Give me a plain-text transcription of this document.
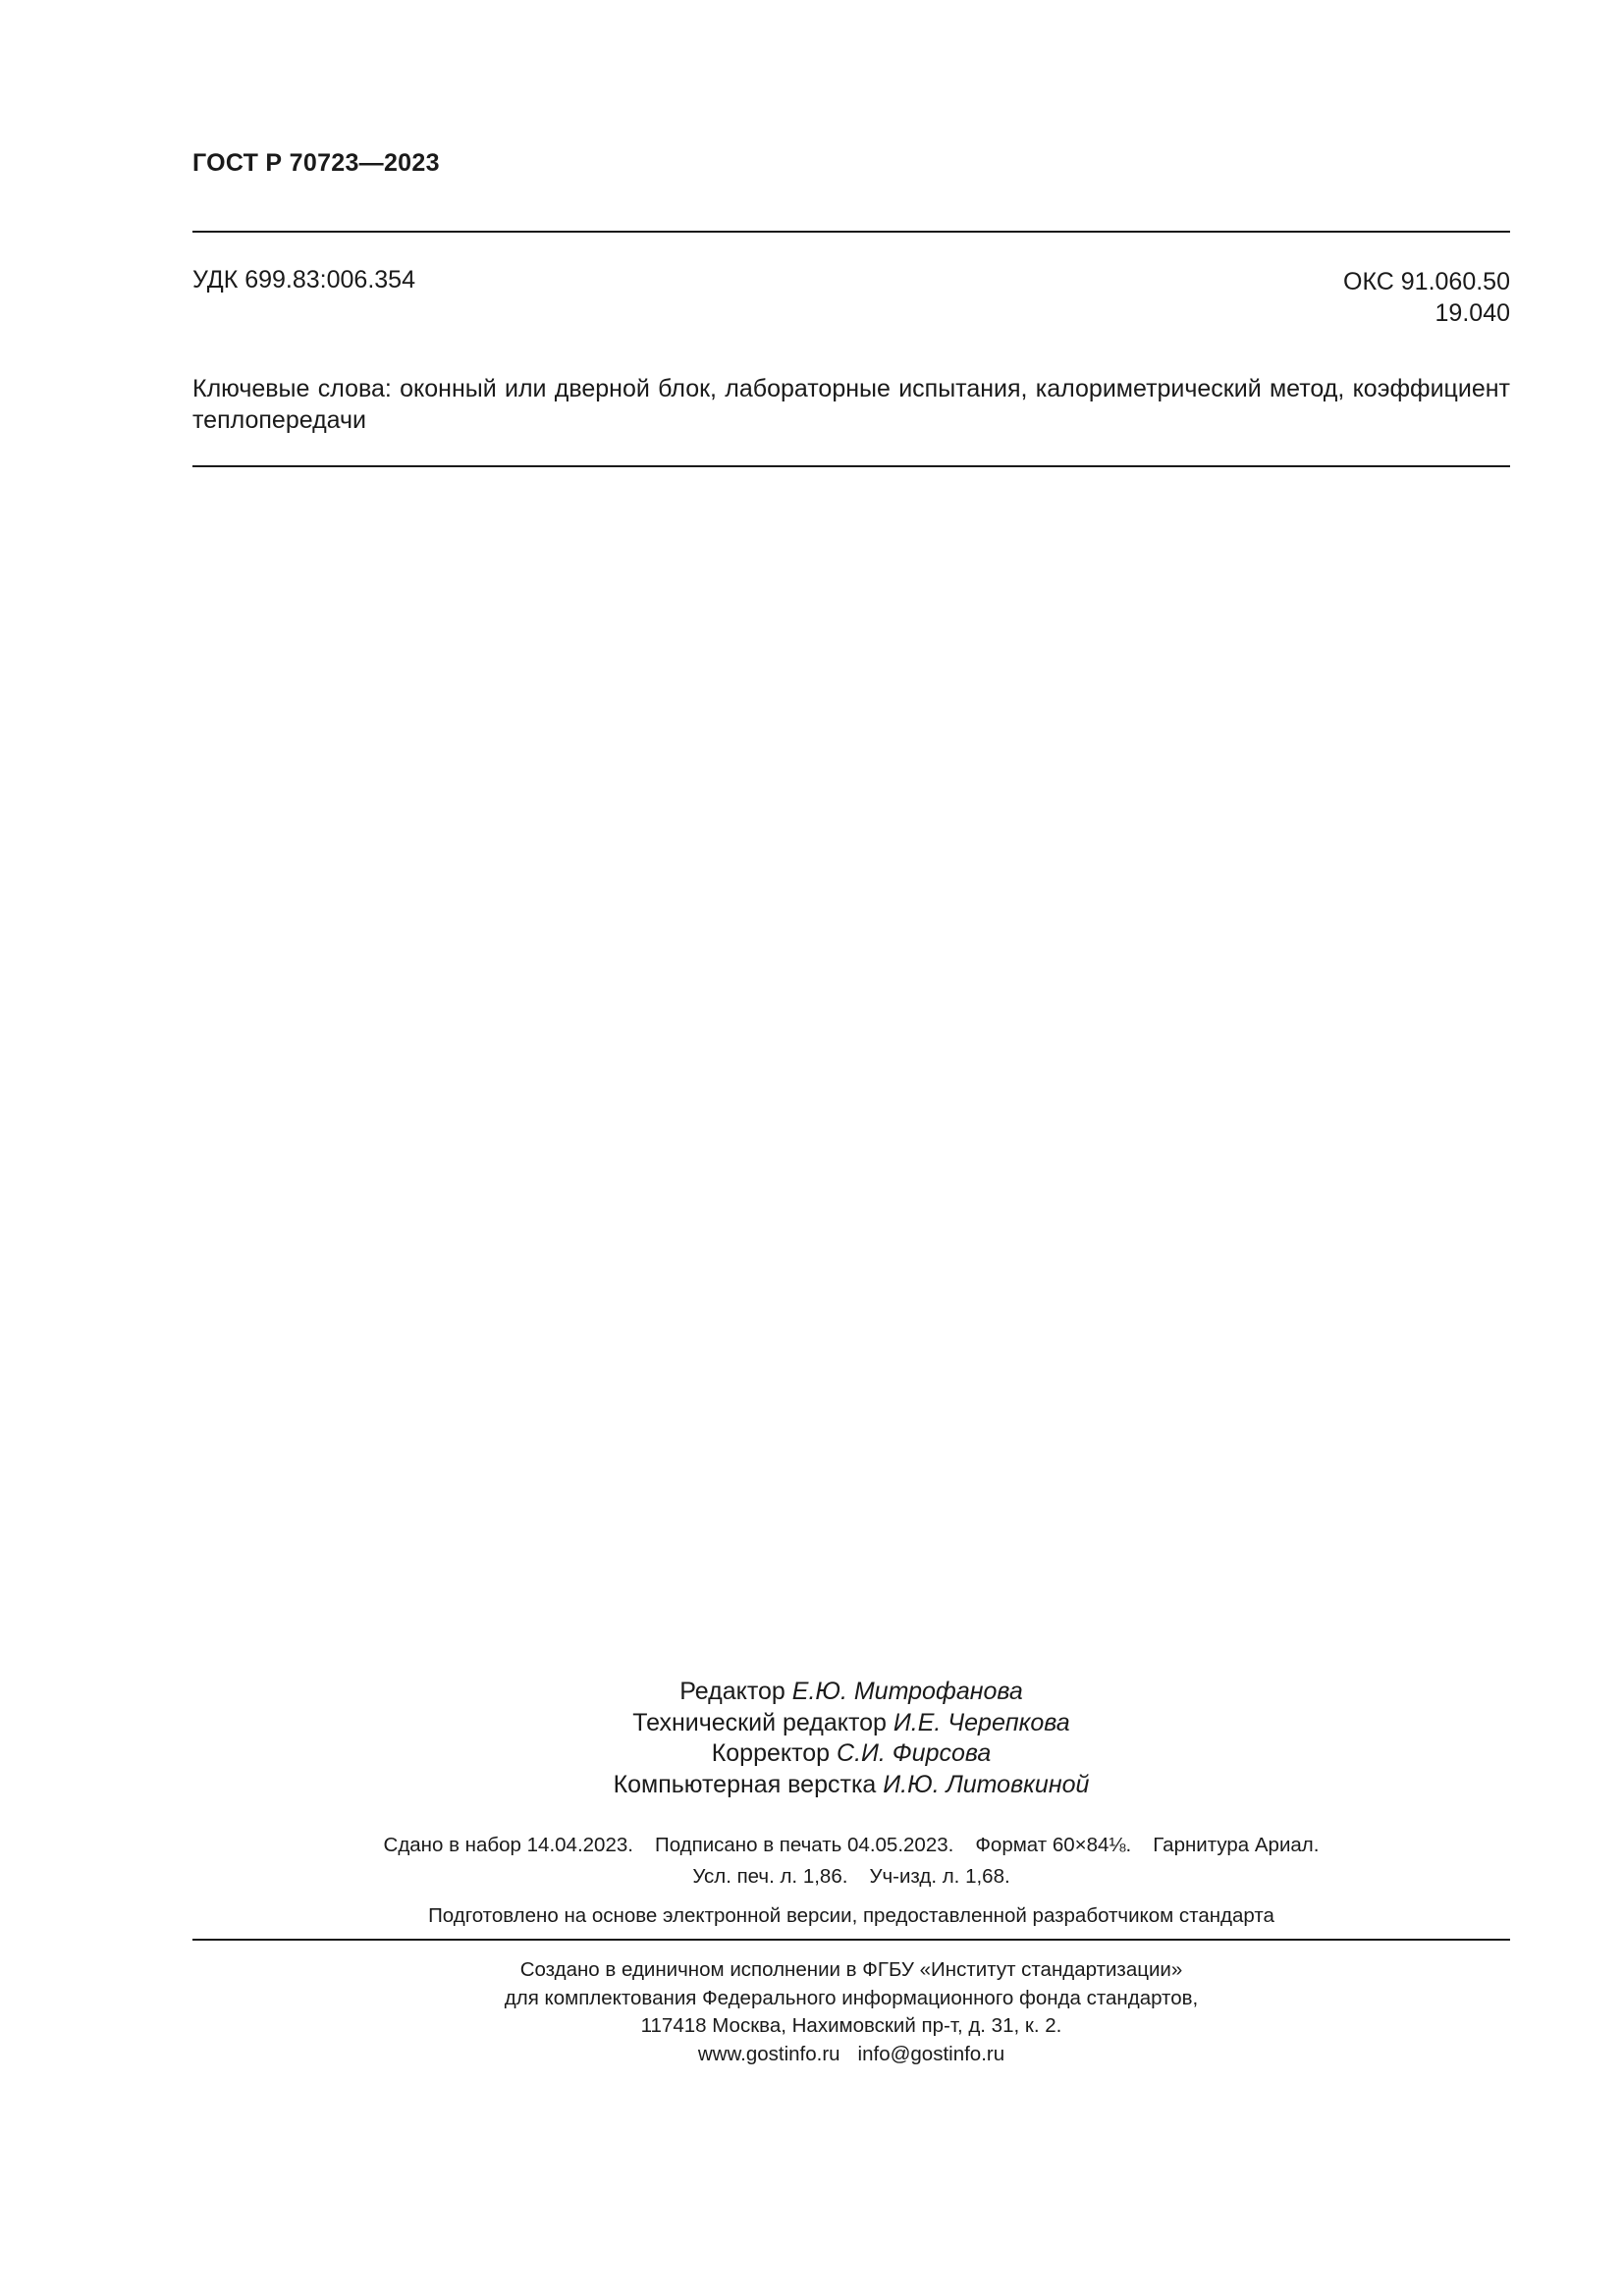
ГОСТ Р 70723—2023
УДК 699.83:006.354	ОКС 91.060.50
19.040
Ключевые слова: оконный или дверной блок, лабораторные испытания, калориметрический метод, коэффициент теплопередачи
Редактор Е.Ю. Митрофанова
Технический редактор И.Е. Черепкова
Корректор С.И. Фирсова
Компьютерная верстка И.Ю. Литовкиной
Сдано в набор 14.04.2023. Подписано в печать 04.05.2023. Формат 60×84⅛. Гарнитура Ариал.
Усл. печ. л. 1,86. Уч-изд. л. 1,68.
Подготовлено на основе электронной версии, предоставленной разработчиком стандарта
Создано в единичном исполнении в ФГБУ «Институт стандартизации»
для комплектования Федерального информационного фонда стандартов,
117418 Москва, Нахимовский пр-т, д. 31, к. 2.
www.gostinfo.ru info@gostinfo.ru
